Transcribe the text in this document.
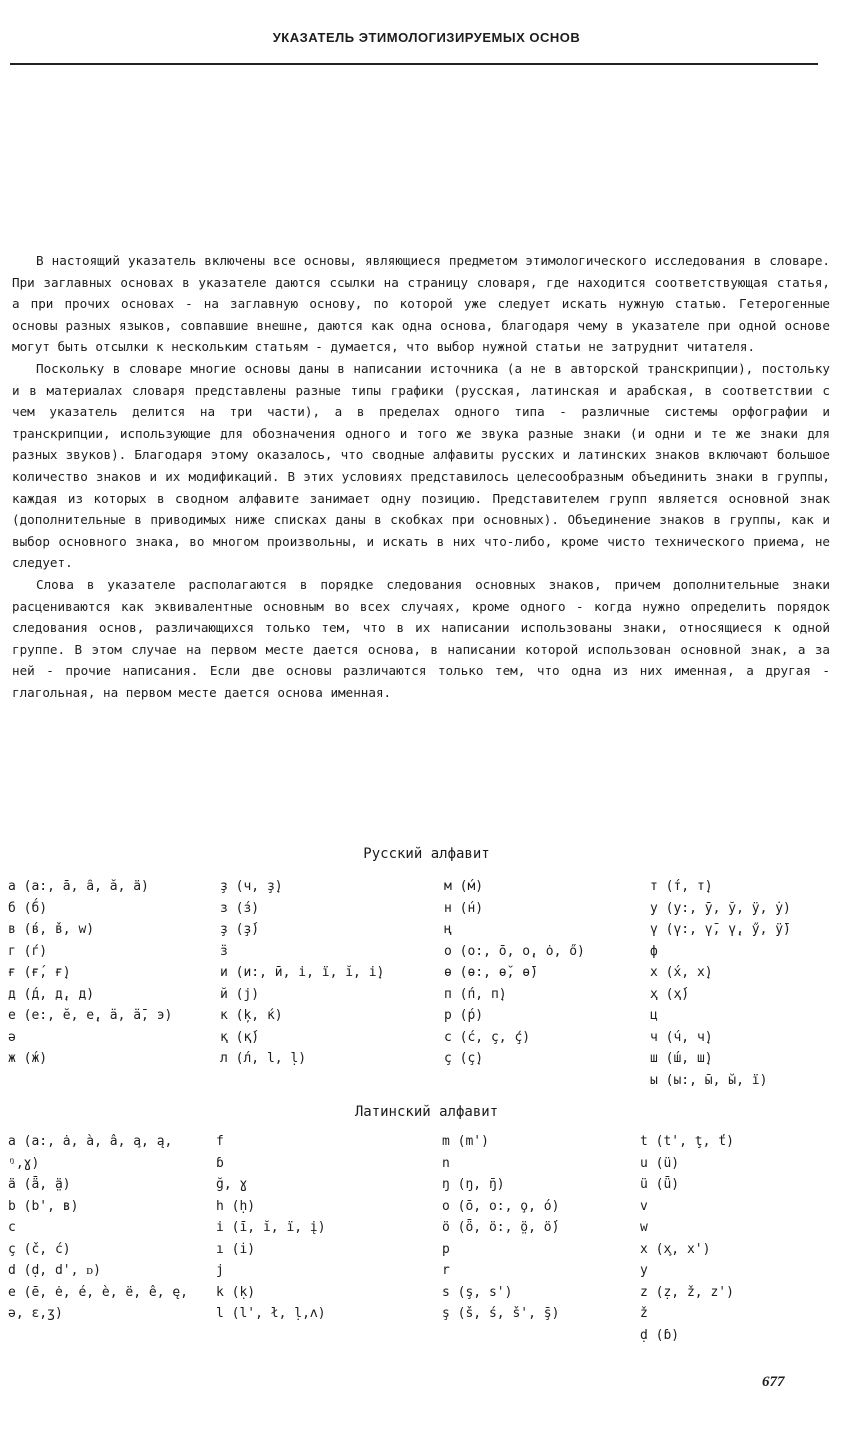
УКАЗАТЕЛЬ ЭТИМОЛОГИЗИРУЕМЫХ ОСНОВ

В настоящий указатель включены все основы, являющиеся предметом этимологического исследования в словаре. При заглавных основах в указателе даются ссылки на страницу словаря, где находится соответствующая статья, а при прочих основах - на заглавную основу, по которой уже следует искать нужную статью. Гетерогенные основы разных языков, совпавшие внешне, даются как одна основа, благодаря чему в указателе при одной основе могут быть отсылки к нескольким статьям - думается, что выбор нужной статьи не затруднит читателя.

Поскольку в словаре многие основы даны в написании источника (а не в авторской транскрипции), постольку и в материалах словаря представлены разные типы графики (русская, латинская и арабская, в соответствии с чем указатель делится на три части), а в пределах одного типа - различные системы орфографии и транскрипции, использующие для обозначения одного и того же звука разные знаки (и одни и те же знаки для разных звуков). Благодаря этому оказалось, что сводные алфавиты русских и латинских знаков включают большое количество знаков и их модификаций. В этих условиях представилось целесообразным объединить знаки в группы, каждая из которых в сводном алфавите занимает одну позицию. Представителем групп является основной знак (дополнительные в приводимых ниже списках даны в скобках при основных). Объединение знаков в группы, как и выбор основного знака, во многом произвольны, и искать в них что-либо, кроме чисто технического приема, не следует.

Слова в указателе располагаются в порядке следования основных знаков, причем дополнительные знаки расцениваются как эквивалентные основным во всех случаях, кроме одного - когда нужно определить порядок следования основ, различающихся только тем, что в их написании использованы знаки, относящиеся к одной группе. В этом случае на первом месте дается основа, в написании которой использован основной знак, а за ней - прочие написания. Если две основы различаются только тем, что одна из них именная, а другая - глагольная, на первом месте дается основа именная.

Русский алфавит
а (а:, ā, а̑, ă, ä)
б (б́)
в (в́, в̌, w)
г (ѓ)
ғ (ғ́, ғ̣)
д (д́, д̣, д)
е (е:, ĕ, е̣, ӓ, ӓ̄, э)
ә
ж (ж́)
ҙ (ч, ҙ̣)
з (з́)
ҙ (ҙ́)
ӟ
и (и:, ӣ, і, ї, ĭ, і̣)
й (ј)
к (ķ, ќ)
қ (қ́)
л (л́, l, ḷ)
м (м́)
н (н́)
ң
о (о:, ō, о̣, ȯ, ő)
ө (ө:, ө̆, ө̄)
п (п́, п̣)
р (р́)
с (с́, ç, ḉ)
ç (ç̣)
т (т́, т̣)
у (у:, ӯ, ў, ӱ, у̇)
ү (ү:, ү̄, ү̣, ӳ, ӱ̄)
ф
х (х́, х̣)
ҳ (ҳ́)
ц
ч (ч́, ч̣)
ш (ш́, ш̣)
ы (ы:, ы̄, ы̆, ї)
Латинский алфавит
a (a:, ȧ, à, â, a̧, ą, ᵑ,ɣ)
ä (ǟ, ä̤)
b (b', ʙ)
c
ç (č, ć)
d (ḍ, d', ᴅ)
e (ē, ė, é, è, ë, ê, ę, ə, ɛ,ʒ)
f
ɓ
ğ, ɣ
h (ḥ)
i (ī, ĭ, ï, į)
ı (ı̇)
j
k (ḳ)
l (l', ł, ḷ,ʌ)
m (m')
n
ŋ (ŋ, ŋ̄)
o (ō, o:, o̧, ó)
ö (ȫ, ö:, ö̤, ö́)
p
r
s (ş, s')
ş (š, ś, š', ş̄)
t (t', ţ, ť)
u (ü)
ü (ǖ)
v
w
x (x̧, x')
y
z (ẓ, ž, z')
ž
ḍ (ɓ)
677
